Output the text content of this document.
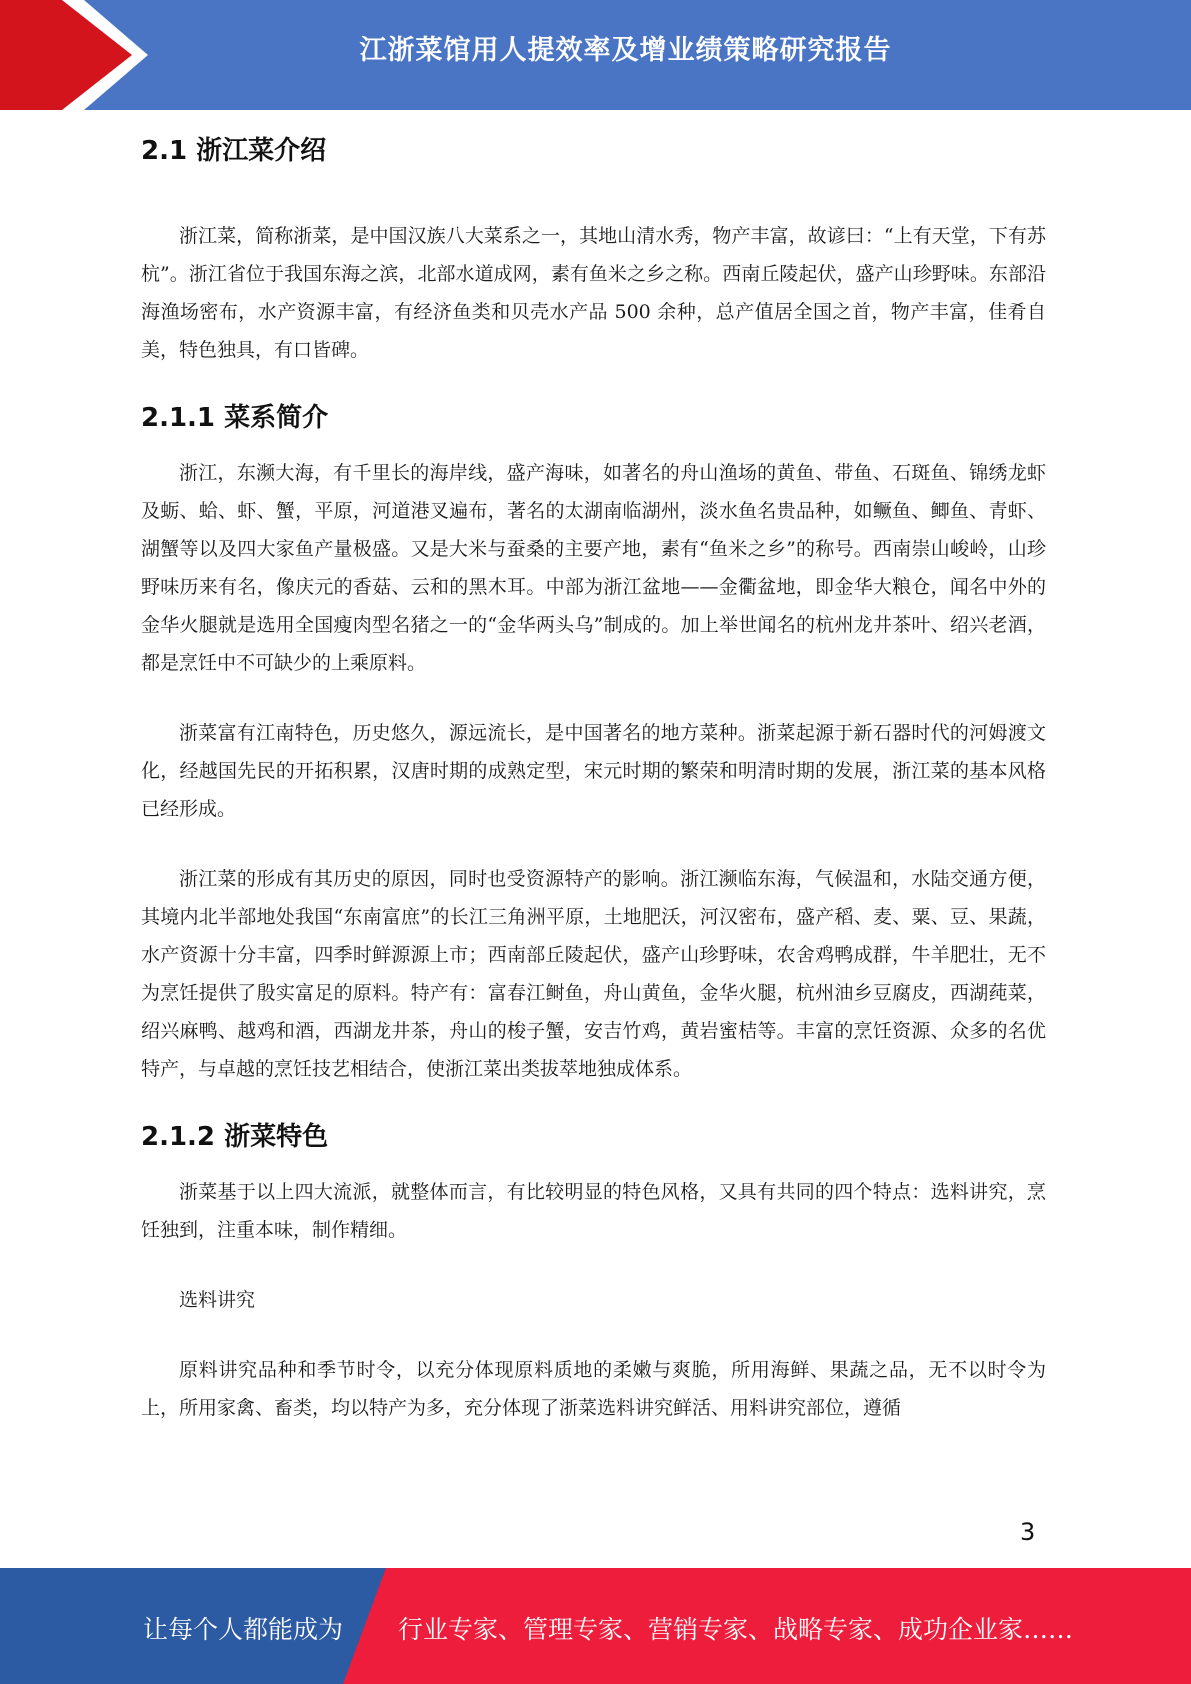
江浙菜馆用人提效率及增业绩策略研究报告
2.1 浙江菜介绍

浙江菜，简称浙菜，是中国汉族八大菜系之一，其地山清水秀，物产丰富，故谚曰：“上有天堂，下有苏杭”。浙江省位于我国东海之滨，北部水道成网，素有鱼米之乡之称。西南丘陵起伏，盛产山珍野味。东部沿海渔场密布，水产资源丰富，有经济鱼类和贝壳水产品 500 余种，总产值居全国之首，物产丰富，佳肴自美，特色独具，有口皆碑。

2.1.1 菜系简介

浙江，东濒大海，有千里长的海岸线，盛产海味，如著名的舟山渔场的黄鱼、带鱼、石斑鱼、锦绣龙虾及蛎、蛤、虾、蟹，平原，河道港叉遍布，著名的太湖南临湖州，淡水鱼名贵品种，如鳜鱼、鲫鱼、青虾、湖蟹等以及四大家鱼产量极盛。又是大米与蚕桑的主要产地，素有“鱼米之乡”的称号。西南崇山峻岭，山珍野味历来有名，像庆元的香菇、云和的黑木耳。中部为浙江盆地——金衢盆地，即金华大粮仓，闻名中外的金华火腿就是选用全国瘦肉型名猪之一的“金华两头乌”制成的。加上举世闻名的杭州龙井茶叶、绍兴老酒，都是烹饪中不可缺少的上乘原料。

浙菜富有江南特色，历史悠久，源远流长，是中国著名的地方菜种。浙菜起源于新石器时代的河姆渡文化，经越国先民的开拓积累，汉唐时期的成熟定型，宋元时期的繁荣和明清时期的发展，浙江菜的基本风格已经形成。

浙江菜的形成有其历史的原因，同时也受资源特产的影响。浙江濒临东海，气候温和，水陆交通方便，其境内北半部地处我国“东南富庶”的长江三角洲平原，土地肥沃，河汉密布，盛产稻、麦、粟、豆、果蔬，水产资源十分丰富，四季时鲜源源上市；西南部丘陵起伏，盛产山珍野味，农舍鸡鸭成群，牛羊肥壮，无不为烹饪提供了殷实富足的原料。特产有：富春江鲥鱼，舟山黄鱼，金华火腿，杭州油乡豆腐皮，西湖莼菜，绍兴麻鸭、越鸡和酒，西湖龙井茶，舟山的梭子蟹，安吉竹鸡，黄岩蜜桔等。丰富的烹饪资源、众多的名优特产，与卓越的烹饪技艺相结合，使浙江菜出类拔萃地独成体系。

2.1.2 浙菜特色

浙菜基于以上四大流派，就整体而言，有比较明显的特色风格，又具有共同的四个特点：选料讲究，烹饪独到，注重本味，制作精细。

选料讲究

原料讲究品种和季节时令，以充分体现原料质地的柔嫩与爽脆，所用海鲜、果蔬之品，无不以时令为上，所用家禽、畜类，均以特产为多，充分体现了浙菜选料讲究鲜活、用料讲究部位，遵循

3
让每个人都能成为 行业专家、管理专家、营销专家、战略专家、成功企业家……
